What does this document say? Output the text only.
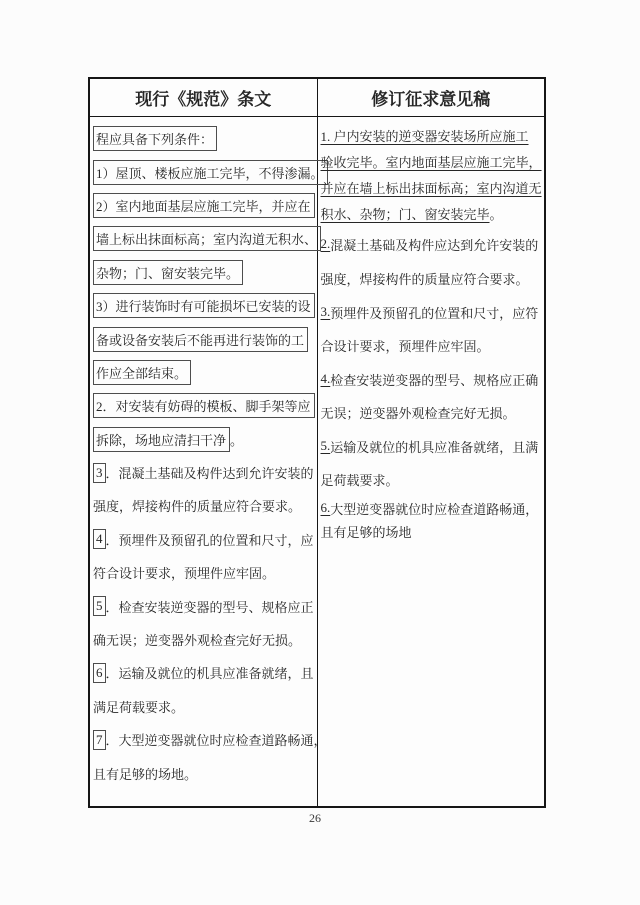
现行《规范》条文	修订征求意见稿
程应具备下列条件：
1）屋顶、楼板应施工完毕，不得渗漏。
2）室内地面基层应施工完毕，并应在
墙上标出抹面标高；室内沟道无积水、
杂物；门、窗安装完毕。
3）进行装饰时有可能损坏已安装的设
备或设备安装后不能再进行装饰的工
作应全部结束。
2．对安装有妨碍的模板、脚手架等应
拆除，场地应清扫干净 。
3 ．混凝土基础及构件达到允许安装的
强度，焊接构件的质量应符合要求。
4 ．预埋件及预留孔的位置和尺寸，应
符合设计要求，预埋件应牢固。
5 ．检查安装逆变器的型号、规格应正
确无误；逆变器外观检查完好无损。
6 ．运输及就位的机具应准备就绪，且
满足荷载要求。
7 ．大型逆变器就位时应检查道路畅通，
且有足够的场地。
1. 户内安装的逆变器安装场所应施工
验收完毕。室内地面基层应施工完毕，
并应在墙上标出抹面标高；室内沟道无
积水、杂物；门、窗安装完毕 。
2. 混凝土基础及构件应达到允许安装的
强度，焊接构件的质量应符合要求。
3. 预埋件及预留孔的位置和尺寸，应符
合设计要求，预埋件应牢固。
4. 检查安装逆变器的型号、规格应正确
无误；逆变器外观检查完好无损。
5. 运输及就位的机具应准备就绪，且满
足荷载要求。
6. 大型逆变器就位时应检查道路畅通，
且有足够的场地
26
